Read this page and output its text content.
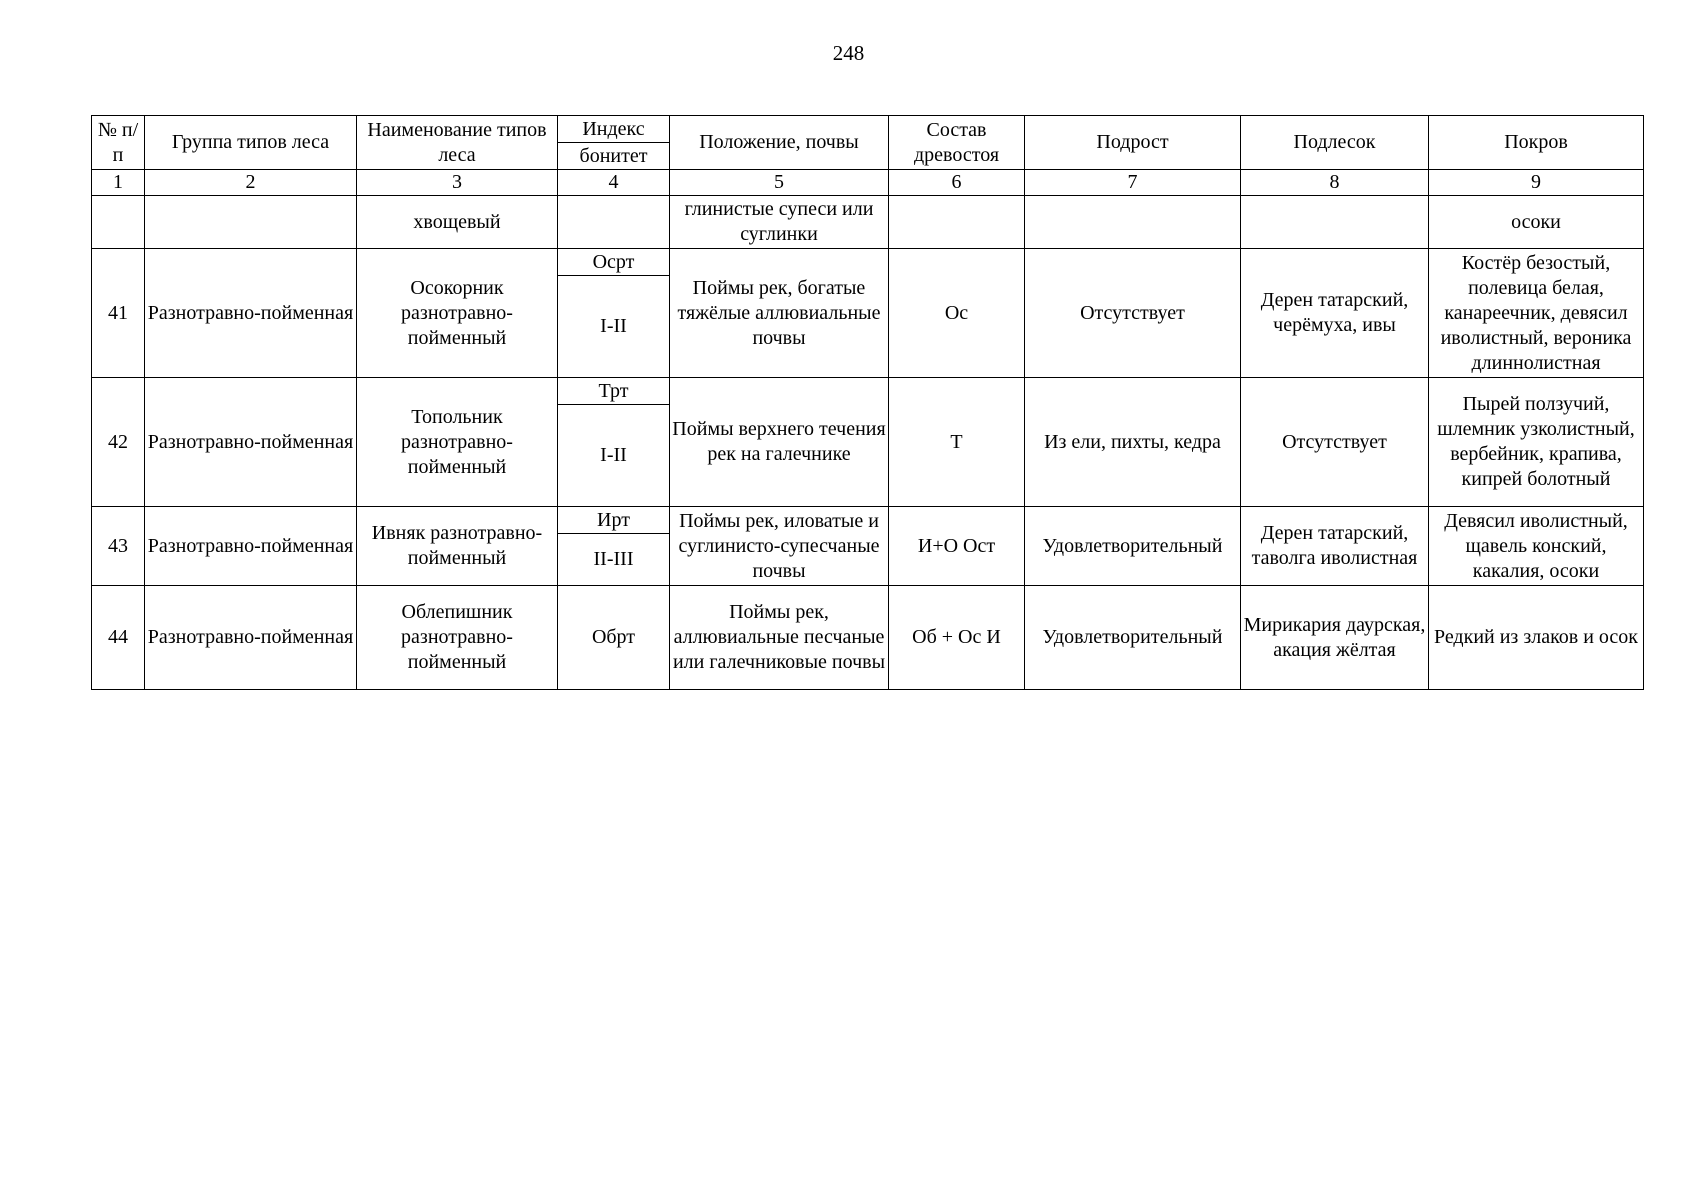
248
№ п/п	Группа типов леса	Наименование типов леса	Индекс	Положение, почвы	Состав древостоя	Подрост	Подлесок	Покров
			бонитет					
1	2	3	4	5	6	7	8	9
		хвощевый		глинистые супеси или суглинки				осоки
41	Разнотравно-пойменная	Осокорник разнотравно-пойменный	Осрт	Поймы рек, богатые тяжёлые аллювиальные почвы	Ос	Отсутствует	Дерен татарский, черёмуха, ивы	Костёр безостый, полевица белая, канареечник, девясил иволистный, вероника длиннолистная
			I-II					
42	Разнотравно-пойменная	Топольник разнотравно-пойменный	Трт	Поймы верхнего течения рек на галечнике	Т	Из ели, пихты, кедра	Отсутствует	Пырей ползучий, шлемник узколистный, вербейник, крапива, кипрей болотный
			I-II					
43	Разнотравно-пойменная	Ивняк разнотравно-пойменный	Ирт	Поймы рек, иловатые и суглинисто-супесчаные почвы	И+О Ост	Удовлетворительный	Дерен татарский, таволга иволистная	Девясил иволистный, щавель конский, какалия, осоки
			II-III					
44	Разнотравно-пойменная	Облепишник разнотравно-пойменный	Обрт	Поймы рек, аллювиальные песчаные или галечниковые почвы	Об + Ос И	Удовлетворительный	Мирикария даурская, акация жёлтая	Редкий из злаков и осок
